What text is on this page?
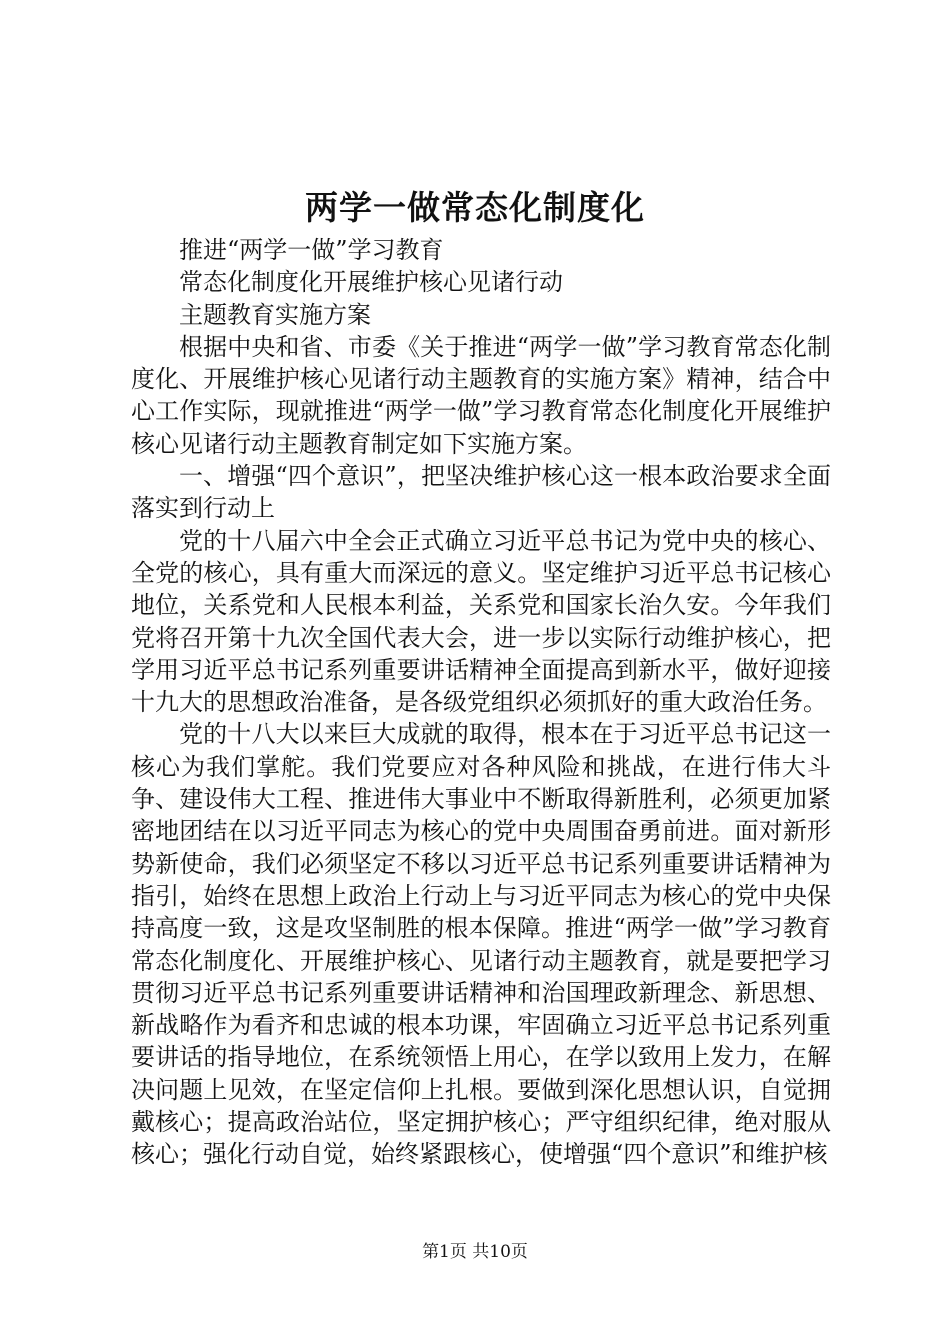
两学一做常态化制度化

推进“两学一做”学习教育

常态化制度化开展维护核心见诸行动

主题教育实施方案

根据中央和省、市委《关于推进“两学一做”学习教育常态化制度化、开展维护核心见诸行动主题教育的实施方案》精神，结合中心工作实际，现就推进“两学一做”学习教育常态化制度化开展维护核心见诸行动主题教育制定如下实施方案。

一、增强“四个意识”，把坚决维护核心这一根本政治要求全面落实到行动上

党的十八届六中全会正式确立习近平总书记为党中央的核心、全党的核心，具有重大而深远的意义。坚定维护习近平总书记核心地位，关系党和人民根本利益，关系党和国家长治久安。今年我们党将召开第十九次全国代表大会，进一步以实际行动维护核心，把学用习近平总书记系列重要讲话精神全面提高到新水平，做好迎接十九大的思想政治准备，是各级党组织必须抓好的重大政治任务。

党的十八大以来巨大成就的取得，根本在于习近平总书记这一核心为我们掌舵。我们党要应对各种风险和挑战，在进行伟大斗争、建设伟大工程、推进伟大事业中不断取得新胜利，必须更加紧密地团结在以习近平同志为核心的党中央周围奋勇前进。面对新形势新使命，我们必须坚定不移以习近平总书记系列重要讲话精神为指引，始终在思想上政治上行动上与习近平同志为核心的党中央保持高度一致，这是攻坚制胜的根本保障。推进“两学一做”学习教育常态化制度化、开展维护核心、见诸行动主题教育，就是要把学习贯彻习近平总书记系列重要讲话精神和治国理政新理念、新思想、新战略作为看齐和忠诚的根本功课，牢固确立习近平总书记系列重要讲话的指导地位，在系统领悟上用心，在学以致用上发力，在解决问题上见效，在坚定信仰上扎根。要做到深化思想认识，自觉拥戴核心；提高政治站位，坚定拥护核心；严守组织纪律，绝对服从核心；强化行动自觉，始终紧跟核心，使增强“四个意识”和维护核

第1页 共10页
